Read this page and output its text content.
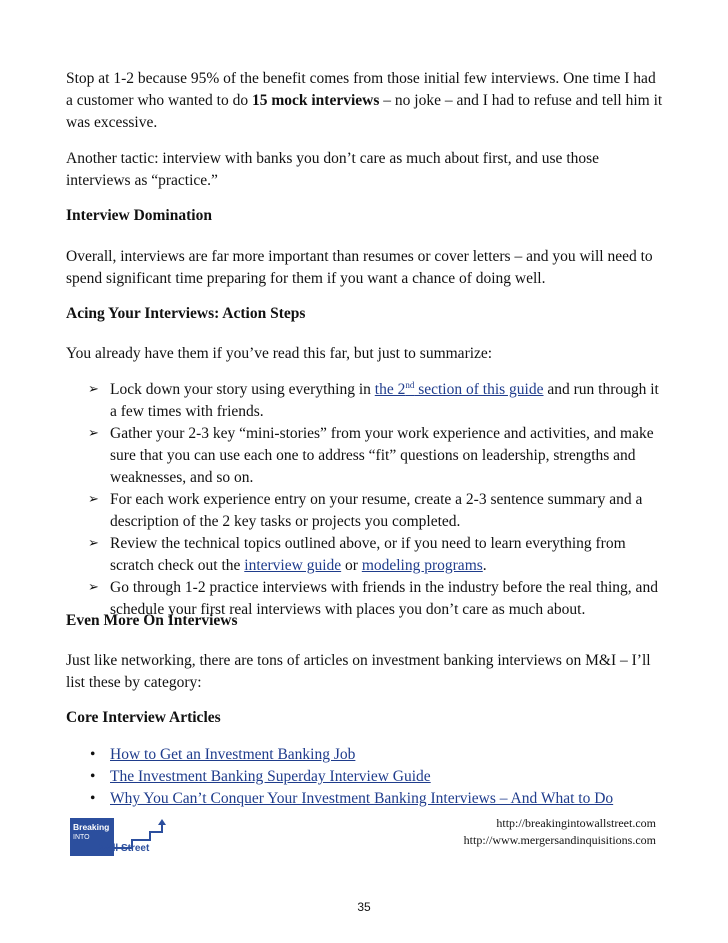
Stop at 1-2 because 95% of the benefit comes from those initial few interviews. One time I had a customer who wanted to do 15 mock interviews – no joke – and I had to refuse and tell him it was excessive.

Another tactic: interview with banks you don’t care as much about first, and use those interviews as “practice.”

Interview Domination

Overall, interviews are far more important than resumes or cover letters – and you will need to spend significant time preparing for them if you want a chance of doing well.

Acing Your Interviews: Action Steps

You already have them if you’ve read this far, but just to summarize:

➢ Lock down your story using everything in the 2nd section of this guide and run through it a few times with friends.
➢ Gather your 2-3 key “mini-stories” from your work experience and activities, and make sure that you can use each one to address “fit” questions on leadership, strengths and weaknesses, and so on.
➢ For each work experience entry on your resume, create a 2-3 sentence summary and a description of the 2 key tasks or projects you completed.
➢ Review the technical topics outlined above, or if you need to learn everything from scratch check out the interview guide or modeling programs.
➢ Go through 1-2 practice interviews with friends in the industry before the real thing, and schedule your first real interviews with places you don’t care as much about.

Even More On Interviews

Just like networking, there are tons of articles on investment banking interviews on M&I – I’ll list these by category:

Core Interview Articles

• How to Get an Investment Banking Job
• The Investment Banking Superday Interview Guide
• Why You Can’t Conquer Your Investment Banking Interviews – And What to Do
Breaking
INTO
Wall Street
http://breakingintowallstreet.com
http://www.mergersandinquisitions.com
35
